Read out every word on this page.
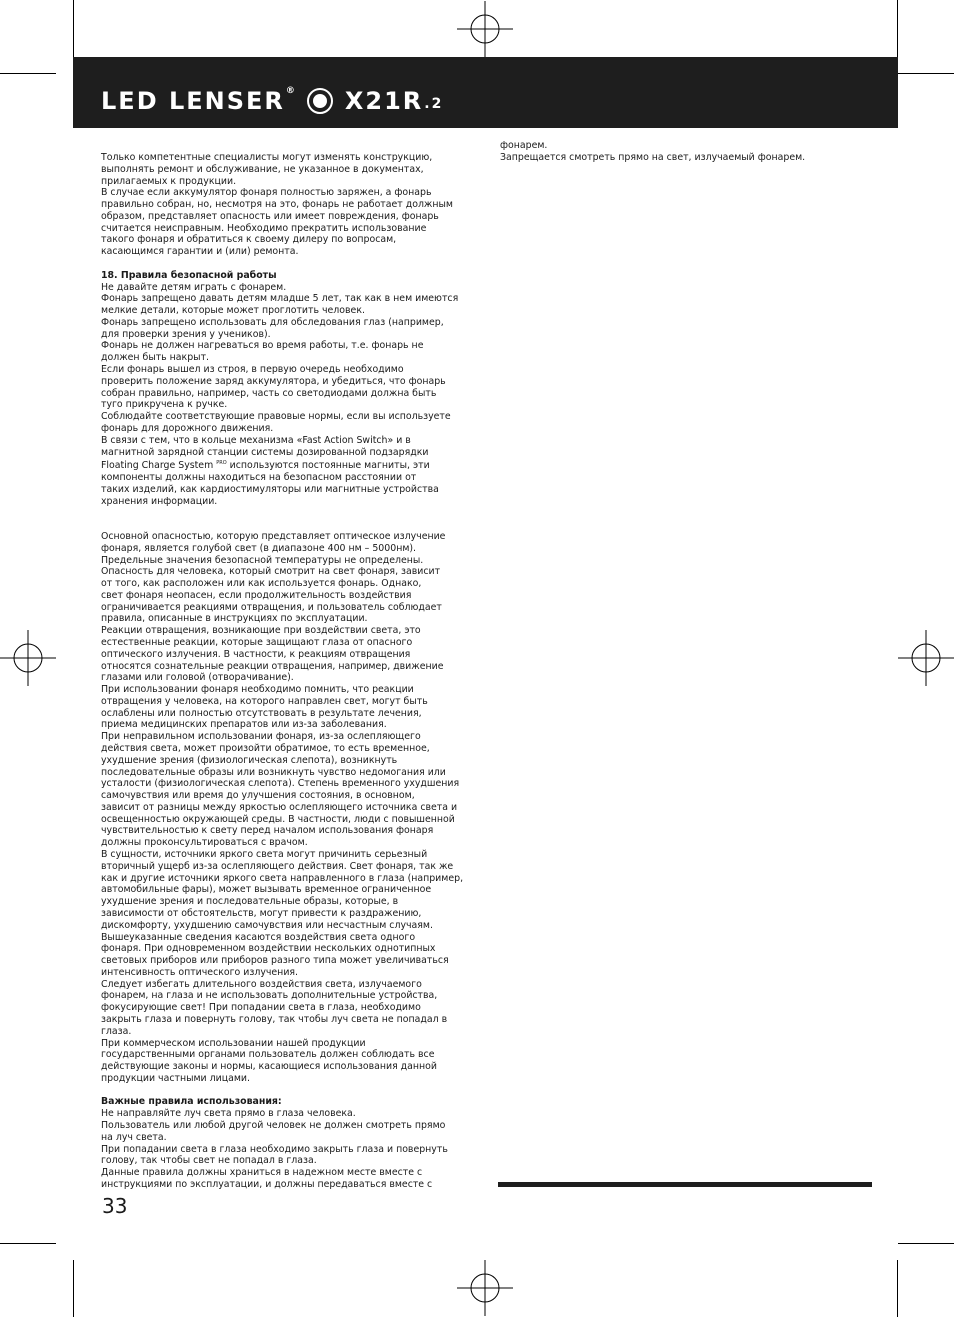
LED LENSER ® X21R .2

Только компетентные специалисты могут изменять конструкцию,

выполнять ремонт и обслуживание, не указанное в документах,

прилагаемых к продукции.

В случае если аккумулятор фонаря полностью заряжен, а фонарь

правильно собран, но, несмотря на это, фонарь не работает должным

образом, представляет опасность или имеет повреждения, фонарь

считается неисправным. Необходимо прекратить использование

такого фонаря и обратиться к своему дилеру по вопросам,

касающимся гарантии и (или) ремонта.

18. Правила безопасной работы

Не давайте детям играть с фонарем.

Фонарь запрещено давать детям младше 5 лет, так как в нем имеются

мелкие детали, которые может проглотить человек.

Фонарь запрещено использовать для обследования глаз (например,

для проверки зрения у учеников).

Фонарь не должен нагреваться во время работы, т.е. фонарь не

должен быть накрыт.

Если фонарь вышел из строя, в первую очередь необходимо

проверить положение заряд аккумулятора, и убедиться, что фонарь

собран правильно, например, часть со светодиодами должна быть

туго прикручена к ручке.

Соблюдайте соответствующие правовые нормы, если вы используете

фонарь для дорожного движения.

В связи с тем, что в кольце механизма «Fast Action Switch» и в

магнитной зарядной станции системы дозированной подзарядки

Floating Charge System $^{PRO}$ используются постоянные магниты, эти

компоненты должны находиться на безопасном расстоянии от

таких изделий, как кардиостимуляторы или магнитные устройства

хранения информации.

Основной опасностью, которую представляет оптическое излучение

фонаря, является голубой свет (в диапазоне 400 нм – 5000нм).

Предельные значения безопасной температуры не определены.

Опасность для человека, который смотрит на свет фонаря, зависит

от того, как расположен или как используется фонарь. Однако,

свет фонаря неопасен, если продолжительность воздействия

ограничивается реакциями отвращения, и пользователь соблюдает

правила, описанные в инструкциях по эксплуатации.

Реакции отвращения, возникающие при воздействии света, это

естественные реакции, которые защищают глаза от опасного

оптического излучения. В частности, к реакциям отвращения

относятся сознательные реакции отвращения, например, движение

глазами или головой (отворачивание).

При использовании фонаря необходимо помнить, что реакции

отвращения у человека, на которого направлен свет, могут быть

ослаблены или полностью отсутствовать в результате лечения,

приема медицинских препаратов или из-за заболевания.

При неправильном использовании фонаря, из-за ослепляющего

действия света, может произойти обратимое, то есть временное,

ухудшение зрения (физиологическая слепота), возникнуть

последовательные образы или возникнуть чувство недомогания или

усталости (физиологическая слепота). Степень временного ухудшения

самочувствия или время до улучшения состояния, в основном,

зависит от разницы между яркостью ослепляющего источника света и

освещенностью окружающей среды. В частности, люди с повышенной

чувствительностью к свету перед началом использования фонаря

должны проконсультироваться с врачом.

В сущности, источники яркого света могут причинить серьезный

вторичный ущерб из-за ослепляющего действия. Свет фонаря, так же

как и другие источники яркого света направленного в глаза (например,

автомобильные фары), может вызывать временное ограниченное

ухудшение зрения и последовательные образы, которые, в

зависимости от обстоятельств, могут привести к раздражению,

дискомфорту, ухудшению самочувствия или несчастным случаям.

Вышеуказанные сведения касаются воздействия света одного

фонаря. При одновременном воздействии нескольких однотипных

световых приборов или приборов разного типа может увеличиваться

интенсивность оптического излучения.

Следует избегать длительного воздействия света, излучаемого

фонарем, на глаза и не использовать дополнительные устройства,

фокусирующие свет! При попадании света в глаза, необходимо

закрыть глаза и повернуть голову, так чтобы луч света не попадал в

глаза.

При коммерческом использовании нашей продукции

государственными органами пользователь должен соблюдать все

действующие законы и нормы, касающиеся использования данной

продукции частными лицами.

Важные правила использования:

Не направляйте луч света прямо в глаза человека.

Пользователь или любой другой человек не должен смотреть прямо

на луч света.

При попадании света в глаза необходимо закрыть глаза и повернуть

голову, так чтобы свет не попадал в глаза.

Данные правила должны храниться в надежном месте вместе с

инструкциями по эксплуатации, и должны передаваться вместе с

фонарем.

Запрещается смотреть прямо на свет, излучаемый фонарем.

33
